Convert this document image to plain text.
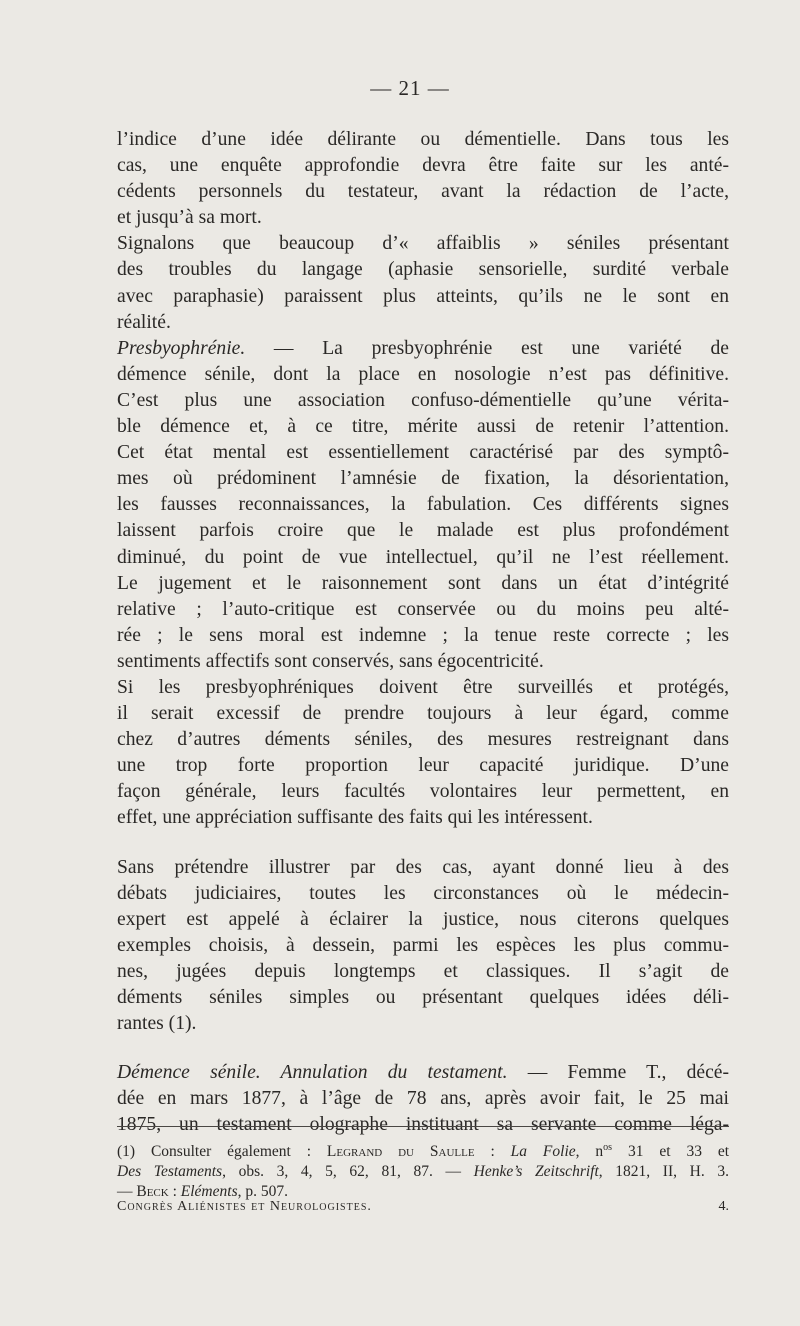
— 21 —

l’indice d’une idée délirante ou démentielle. Dans tous les
cas, une enquête approfondie devra être faite sur les anté-
cédents personnels du testateur, avant la rédaction de l’acte,
et jusqu’à sa mort.

Signalons que beaucoup d’« affaiblis » séniles présentant
des troubles du langage (aphasie sensorielle, surdité verbale
avec paraphasie) paraissent plus atteints, qu’ils ne le sont en
réalité.

Presbyophrénie. — La presbyophrénie est une variété de
démence sénile, dont la place en nosologie n’est pas définitive.
C’est plus une association confuso-démentielle qu’une vérita-
ble démence et, à ce titre, mérite aussi de retenir l’attention.
Cet état mental est essentiellement caractérisé par des symptô-
mes où prédominent l’amnésie de fixation, la désorientation,
les fausses reconnaissances, la fabulation. Ces différents signes
laissent parfois croire que le malade est plus profondément
diminué, du point de vue intellectuel, qu’il ne l’est réellement.
Le jugement et le raisonnement sont dans un état d’intégrité
relative ; l’auto-critique est conservée ou du moins peu alté-
rée ; le sens moral est indemne ; la tenue reste correcte ; les
sentiments affectifs sont conservés, sans égocentricité.

Si les presbyophréniques doivent être surveillés et protégés,
il serait excessif de prendre toujours à leur égard, comme
chez d’autres déments séniles, des mesures restreignant dans
une trop forte proportion leur capacité juridique. D’une
façon générale, leurs facultés volontaires leur permettent, en
effet, une appréciation suffisante des faits qui les intéressent.

Sans prétendre illustrer par des cas, ayant donné lieu à des
débats judiciaires, toutes les circonstances où le médecin-
expert est appelé à éclairer la justice, nous citerons quelques
exemples choisis, à dessein, parmi les espèces les plus commu-
nes, jugées depuis longtemps et classiques. Il s’agit de
déments séniles simples ou présentant quelques idées déli-
rantes (1).

Démence sénile. Annulation du testament. — Femme T., décé-
dée en mars 1877, à l’âge de 78 ans, après avoir fait, le 25 mai
1875, un testament olographe instituant sa servante comme léga-

(1) Consulter également : Legrand du Saulle : La Folie, $n^{os}$ 31 et 33 et
Des Testaments, obs. 3, 4, 5, 62, 81, 87. — Henke’s Zeitschrift, 1821, II, H. 3.
— Beck : Eléments, p. 507.
Congrès Aliénistes et Neurologistes.	4.
